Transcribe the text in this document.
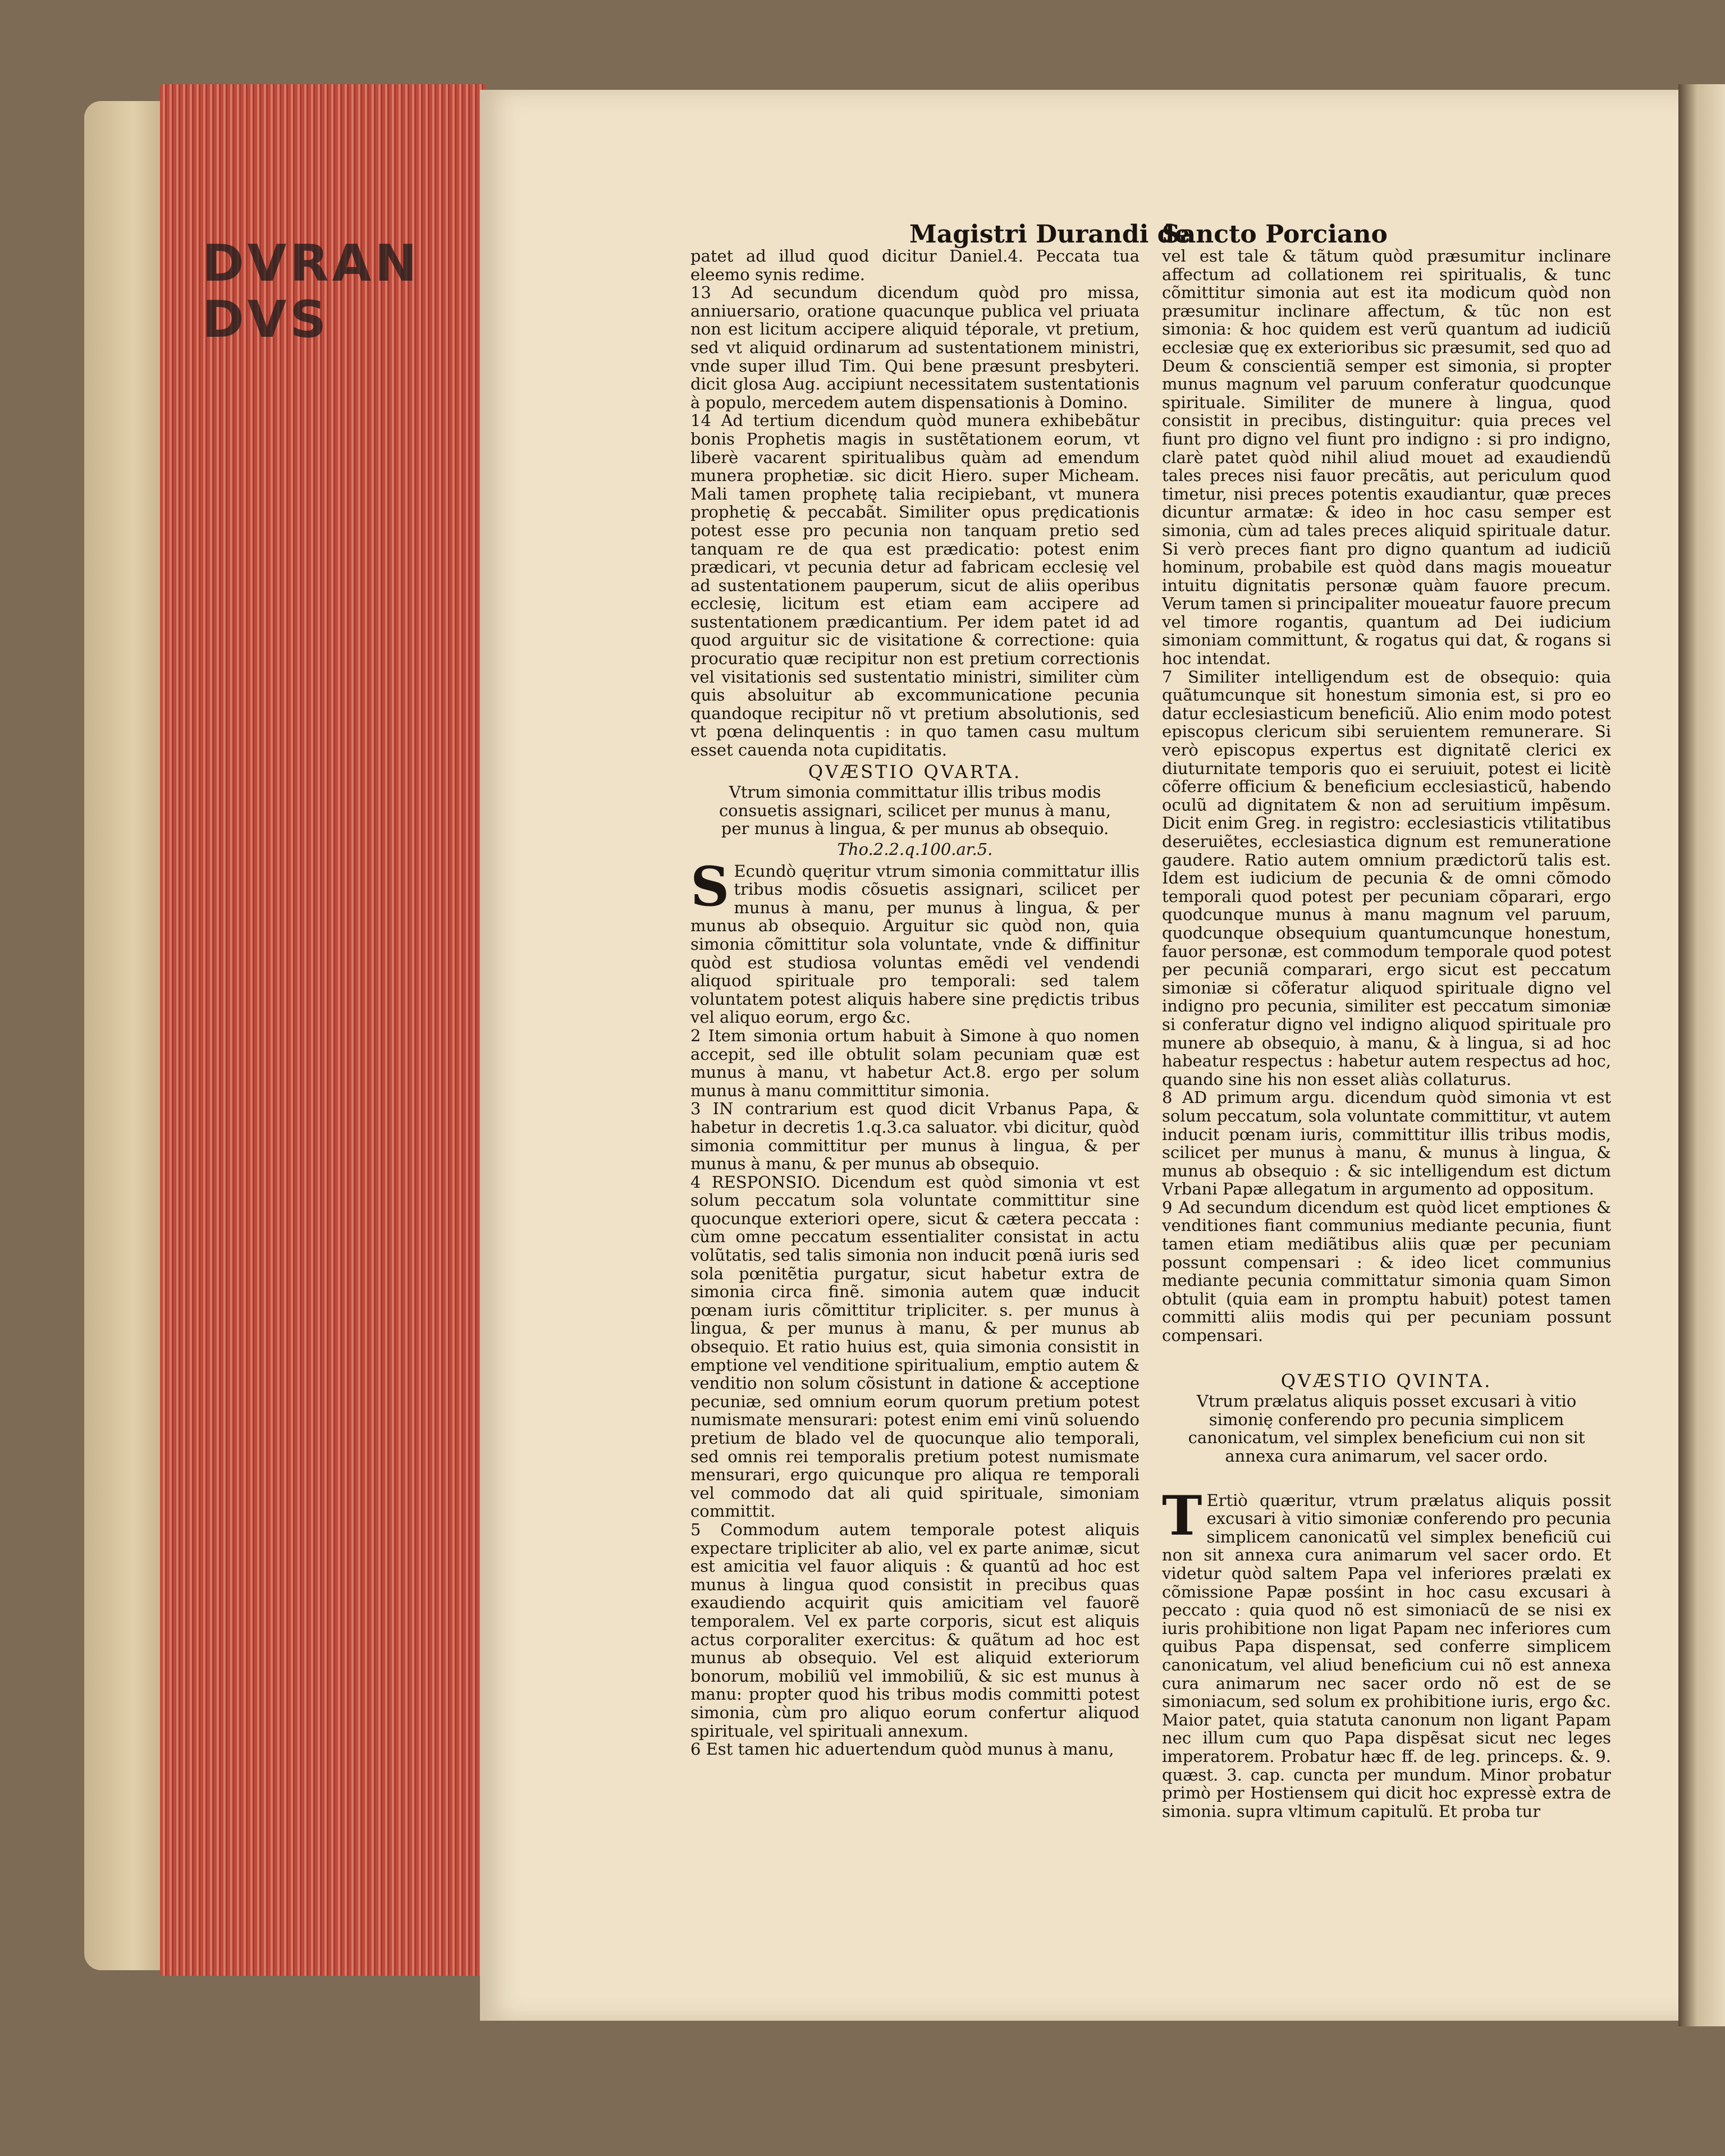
DVRAN
DVS
Magistri Durandi de
Sancto Porciano

patet ad illud quod dicitur Daniel.4. Peccata tua eleemo synis redime.

13 Ad secundum dicendum quòd pro missa, anniuersario, oratione quacunque publica vel priuata non est licitum accipere aliquid téporale, vt pretium, sed vt aliquid ordinarum ad sustentationem ministri, vnde super illud Tim. Qui bene præsunt presbyteri. dicit glosa Aug. accipiunt necessitatem sustentationis à populo, mercedem autem dispensationis à Domino.

14 Ad tertium dicendum quòd munera exhibebãtur bonis Prophetis magis in sustẽtationem eorum, vt liberè vacarent spiritualibus quàm ad emendum munera prophetiæ. sic dicit Hiero. super Micheam. Mali tamen prophetę talia recipiebant, vt munera prophetię & peccabãt. Similiter opus prędicationis potest esse pro pecunia non tanquam pretio sed tanquam re de qua est prædicatio: potest enim prædicari, vt pecunia detur ad fabricam ecclesię vel ad sustentationem pauperum, sicut de aliis operibus ecclesię, licitum est etiam eam accipere ad sustentationem prædicantium. Per idem patet id ad quod arguitur sic de visitatione & correctione: quia procuratio quæ recipitur non est pretium correctionis vel visitationis sed sustentatio ministri, similiter cùm quis absoluitur ab excommunicatione pecunia quandoque recipitur nõ vt pretium absolutionis, sed vt pœna delinquentis : in quo tamen casu multum esset cauenda nota cupiditatis.

QVÆSTIO QVARTA.
Vtrum simonia committatur illis tribus modis consuetis assignari, scilicet per munus à manu, per munus à lingua, & per munus ab obsequio.
Tho.2.2.q.100.ar.5.

S Ecundò quęritur vtrum simonia committatur illis tribus modis cõsuetis assignari, scilicet per munus à manu, per munus à lingua, & per munus ab obsequio. Arguitur sic quòd non, quia simonia cõmittitur sola voluntate, vnde & diffinitur quòd est studiosa voluntas emẽdi vel vendendi aliquod spirituale pro temporali: sed talem voluntatem potest aliquis habere sine prędictis tribus vel aliquo eorum, ergo &c.

2 Item simonia ortum habuit à Simone à quo nomen accepit, sed ille obtulit solam pecuniam quæ est munus à manu, vt habetur Act.8. ergo per solum munus à manu committitur simonia.

3 IN contrarium est quod dicit Vrbanus Papa, & habetur in decretis 1.q.3.ca saluator. vbi dicitur, quòd simonia committitur per munus à lingua, & per munus à manu, & per munus ab obsequio.

4 RESPONSIO. Dicendum est quòd simonia vt est solum peccatum sola voluntate committitur sine quocunque exteriori opere, sicut & cætera peccata : cùm omne peccatum essentialiter consistat in actu volũtatis, sed talis simonia non inducit pœnã iuris sed sola pœnitẽtia purgatur, sicut habetur extra de simonia circa finẽ. simonia autem quæ inducit pœnam iuris cõmittitur tripliciter. s. per munus à lingua, & per munus à manu, & per munus ab obsequio. Et ratio huius est, quia simonia consistit in emptione vel venditione spiritualium, emptio autem & venditio non solum cõsistunt in datione & acceptione pecuniæ, sed omnium eorum quorum pretium potest numismate mensurari: potest enim emi vinũ soluendo pretium de blado vel de quocunque alio temporali, sed omnis rei temporalis pretium potest numismate mensurari, ergo quicunque pro aliqua re temporali vel commodo dat ali quid spirituale, simoniam committit.

5 Commodum autem temporale potest aliquis expectare tripliciter ab alio, vel ex parte animæ, sicut est amicitia vel fauor aliquis : & quantũ ad hoc est munus à lingua quod consistit in precibus quas exaudiendo acquirit quis amicitiam vel fauorẽ temporalem. Vel ex parte corporis, sicut est aliquis actus corporaliter exercitus: & quãtum ad hoc est munus ab obsequio. Vel est aliquid exteriorum bonorum, mobiliũ vel immobiliũ, & sic est munus à manu: propter quod his tribus modis committi potest simonia, cùm pro aliquo eorum confertur aliquod spirituale, vel spirituali annexum.

6 Est tamen hic aduertendum quòd munus à manu,

vel est tale & tãtum quòd præsumitur inclinare affectum ad collationem rei spiritualis, & tunc cõmittitur simonia aut est ita modicum quòd non præsumitur inclinare affectum, & tũc non est simonia: & hoc quidem est verũ quantum ad iudiciũ ecclesiæ quę ex exterioribus sic præsumit, sed quo ad Deum & conscientiã semper est simonia, si propter munus magnum vel paruum conferatur quodcunque spirituale. Similiter de munere à lingua, quod consistit in precibus, distinguitur: quia preces vel fiunt pro digno vel fiunt pro indigno : si pro indigno, clarè patet quòd nihil aliud mouet ad exaudiendũ tales preces nisi fauor precãtis, aut periculum quod timetur, nisi preces potentis exaudiantur, quæ preces dicuntur armatæ: & ideo in hoc casu semper est simonia, cùm ad tales preces aliquid spirituale datur. Si verò preces fiant pro digno quantum ad iudiciũ hominum, probabile est quòd dans magis moueatur intuitu dignitatis personæ quàm fauore precum. Verum tamen si principaliter moueatur fauore precum vel timore rogantis, quantum ad Dei iudicium simoniam committunt, & rogatus qui dat, & rogans si hoc intendat.

7 Similiter intelligendum est de obsequio: quia quãtumcunque sit honestum simonia est, si pro eo datur ecclesiasticum beneficiũ. Alio enim modo potest episcopus clericum sibi seruientem remunerare. Si verò episcopus expertus est dignitatẽ clerici ex diuturnitate temporis quo ei seruiuit, potest ei licitè cõferre officium & beneficium ecclesiasticũ, habendo oculũ ad dignitatem & non ad seruitium impẽsum. Dicit enim Greg. in registro: ecclesiasticis vtilitatibus deseruiẽtes, ecclesiastica dignum est remuneratione gaudere. Ratio autem omnium prædictorũ talis est. Idem est iudicium de pecunia & de omni cõmodo temporali quod potest per pecuniam cõparari, ergo quodcunque munus à manu magnum vel paruum, quodcunque obsequium quantumcunque honestum, fauor personæ, est commodum temporale quod potest per pecuniã comparari, ergo sicut est peccatum simoniæ si cõferatur aliquod spirituale digno vel indigno pro pecunia, similiter est peccatum simoniæ si conferatur digno vel indigno aliquod spirituale pro munere ab obsequio, à manu, & à lingua, si ad hoc habeatur respectus : habetur autem respectus ad hoc, quando sine his non esset aliàs collaturus.

8 AD primum argu. dicendum quòd simonia vt est solum peccatum, sola voluntate committitur, vt autem inducit pœnam iuris, committitur illis tribus modis, scilicet per munus à manu, & munus à lingua, & munus ab obsequio : & sic intelligendum est dictum Vrbani Papæ allegatum in argumento ad oppositum.

9 Ad secundum dicendum est quòd licet emptiones & venditiones fiant communius mediante pecunia, fiunt tamen etiam mediãtibus aliis quæ per pecuniam possunt compensari : & ideo licet communius mediante pecunia committatur simonia quam Simon obtulit (quia eam in promptu habuit) potest tamen committi aliis modis qui per pecuniam possunt compensari.

QVÆSTIO QVINTA.
Vtrum prælatus aliquis posset excusari à vitio simonię conferendo pro pecunia simplicem canonicatum, vel simplex beneficium cui non sit annexa cura animarum, vel sacer ordo.

T Ertiò quæritur, vtrum prælatus aliquis possit excusari à vitio simoniæ conferendo pro pecunia simplicem canonicatũ vel simplex beneficiũ cui non sit annexa cura animarum vel sacer ordo. Et videtur quòd saltem Papa vel inferiores prælati ex cõmissione Papæ posśint in hoc casu excusari à peccato : quia quod nõ est simoniacũ de se nisi ex iuris prohibitione non ligat Papam nec inferiores cum quibus Papa dispensat, sed conferre simplicem canonicatum, vel aliud beneficium cui nõ est annexa cura animarum nec sacer ordo nõ est de se simoniacum, sed solum ex prohibitione iuris, ergo &c. Maior patet, quia statuta canonum non ligant Papam nec illum cum quo Papa dispẽsat sicut nec leges imperatorem. Probatur hæc ff. de leg. princeps. &. 9. quæst. 3. cap. cuncta per mundum. Minor probatur primò per Hostiensem qui dicit hoc expressè extra de simonia. supra vltimum capitulũ. Et proba tur
